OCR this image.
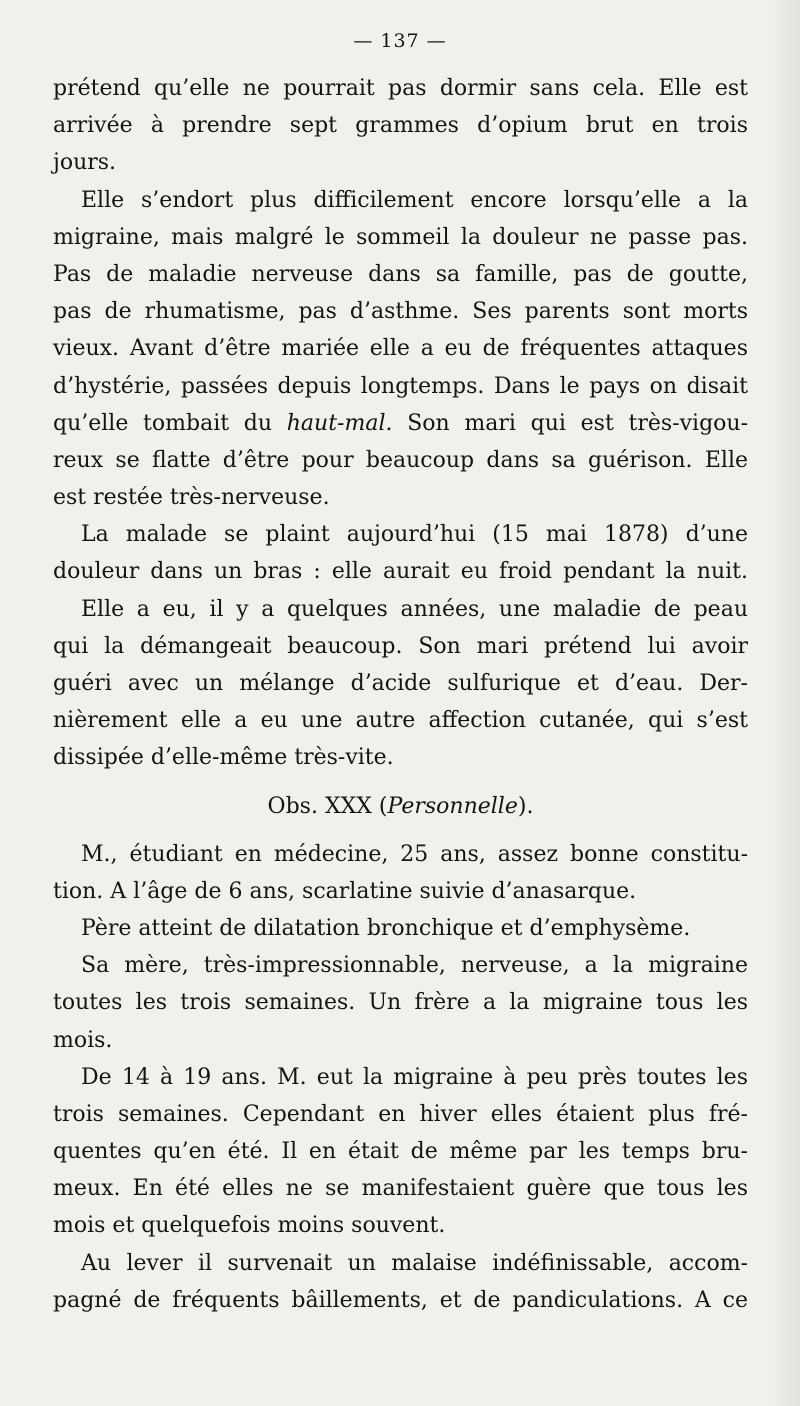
— 137 —
prétend qu’elle ne pourrait pas dormir sans cela. Elle est
arrivée à prendre sept grammes d’opium brut en trois
jours.
Elle s’endort plus difficilement encore lorsqu’elle a la
migraine, mais malgré le sommeil la douleur ne passe pas.
Pas de maladie nerveuse dans sa famille, pas de goutte,
pas de rhumatisme, pas d’asthme. Ses parents sont morts
vieux. Avant d’être mariée elle a eu de fréquentes attaques
d’hystérie, passées depuis longtemps. Dans le pays on disait
qu’elle tombait du haut-mal. Son mari qui est très-vigou-
reux se flatte d’être pour beaucoup dans sa guérison. Elle
est restée très-nerveuse.
La malade se plaint aujourd’hui (15 mai 1878) d’une
douleur dans un bras : elle aurait eu froid pendant la nuit.
Elle a eu, il y a quelques années, une maladie de peau
qui la démangeait beaucoup. Son mari prétend lui avoir
guéri avec un mélange d’acide sulfurique et d’eau. Der-
nièrement elle a eu une autre affection cutanée, qui s’est
dissipée d’elle-même très-vite.
Obs. XXX (Personnelle).
M., étudiant en médecine, 25 ans, assez bonne constitu-
tion. A l’âge de 6 ans, scarlatine suivie d’anasarque.
Père atteint de dilatation bronchique et d’emphysème.
Sa mère, très-impressionnable, nerveuse, a la migraine
toutes les trois semaines. Un frère a la migraine tous les
mois.
De 14 à 19 ans. M. eut la migraine à peu près toutes les
trois semaines. Cependant en hiver elles étaient plus fré-
quentes qu’en été. Il en était de même par les temps bru-
meux. En été elles ne se manifestaient guère que tous les
mois et quelquefois moins souvent.
Au lever il survenait un malaise indéfinissable, accom-
pagné de fréquents bâillements, et de pandiculations. A ce
